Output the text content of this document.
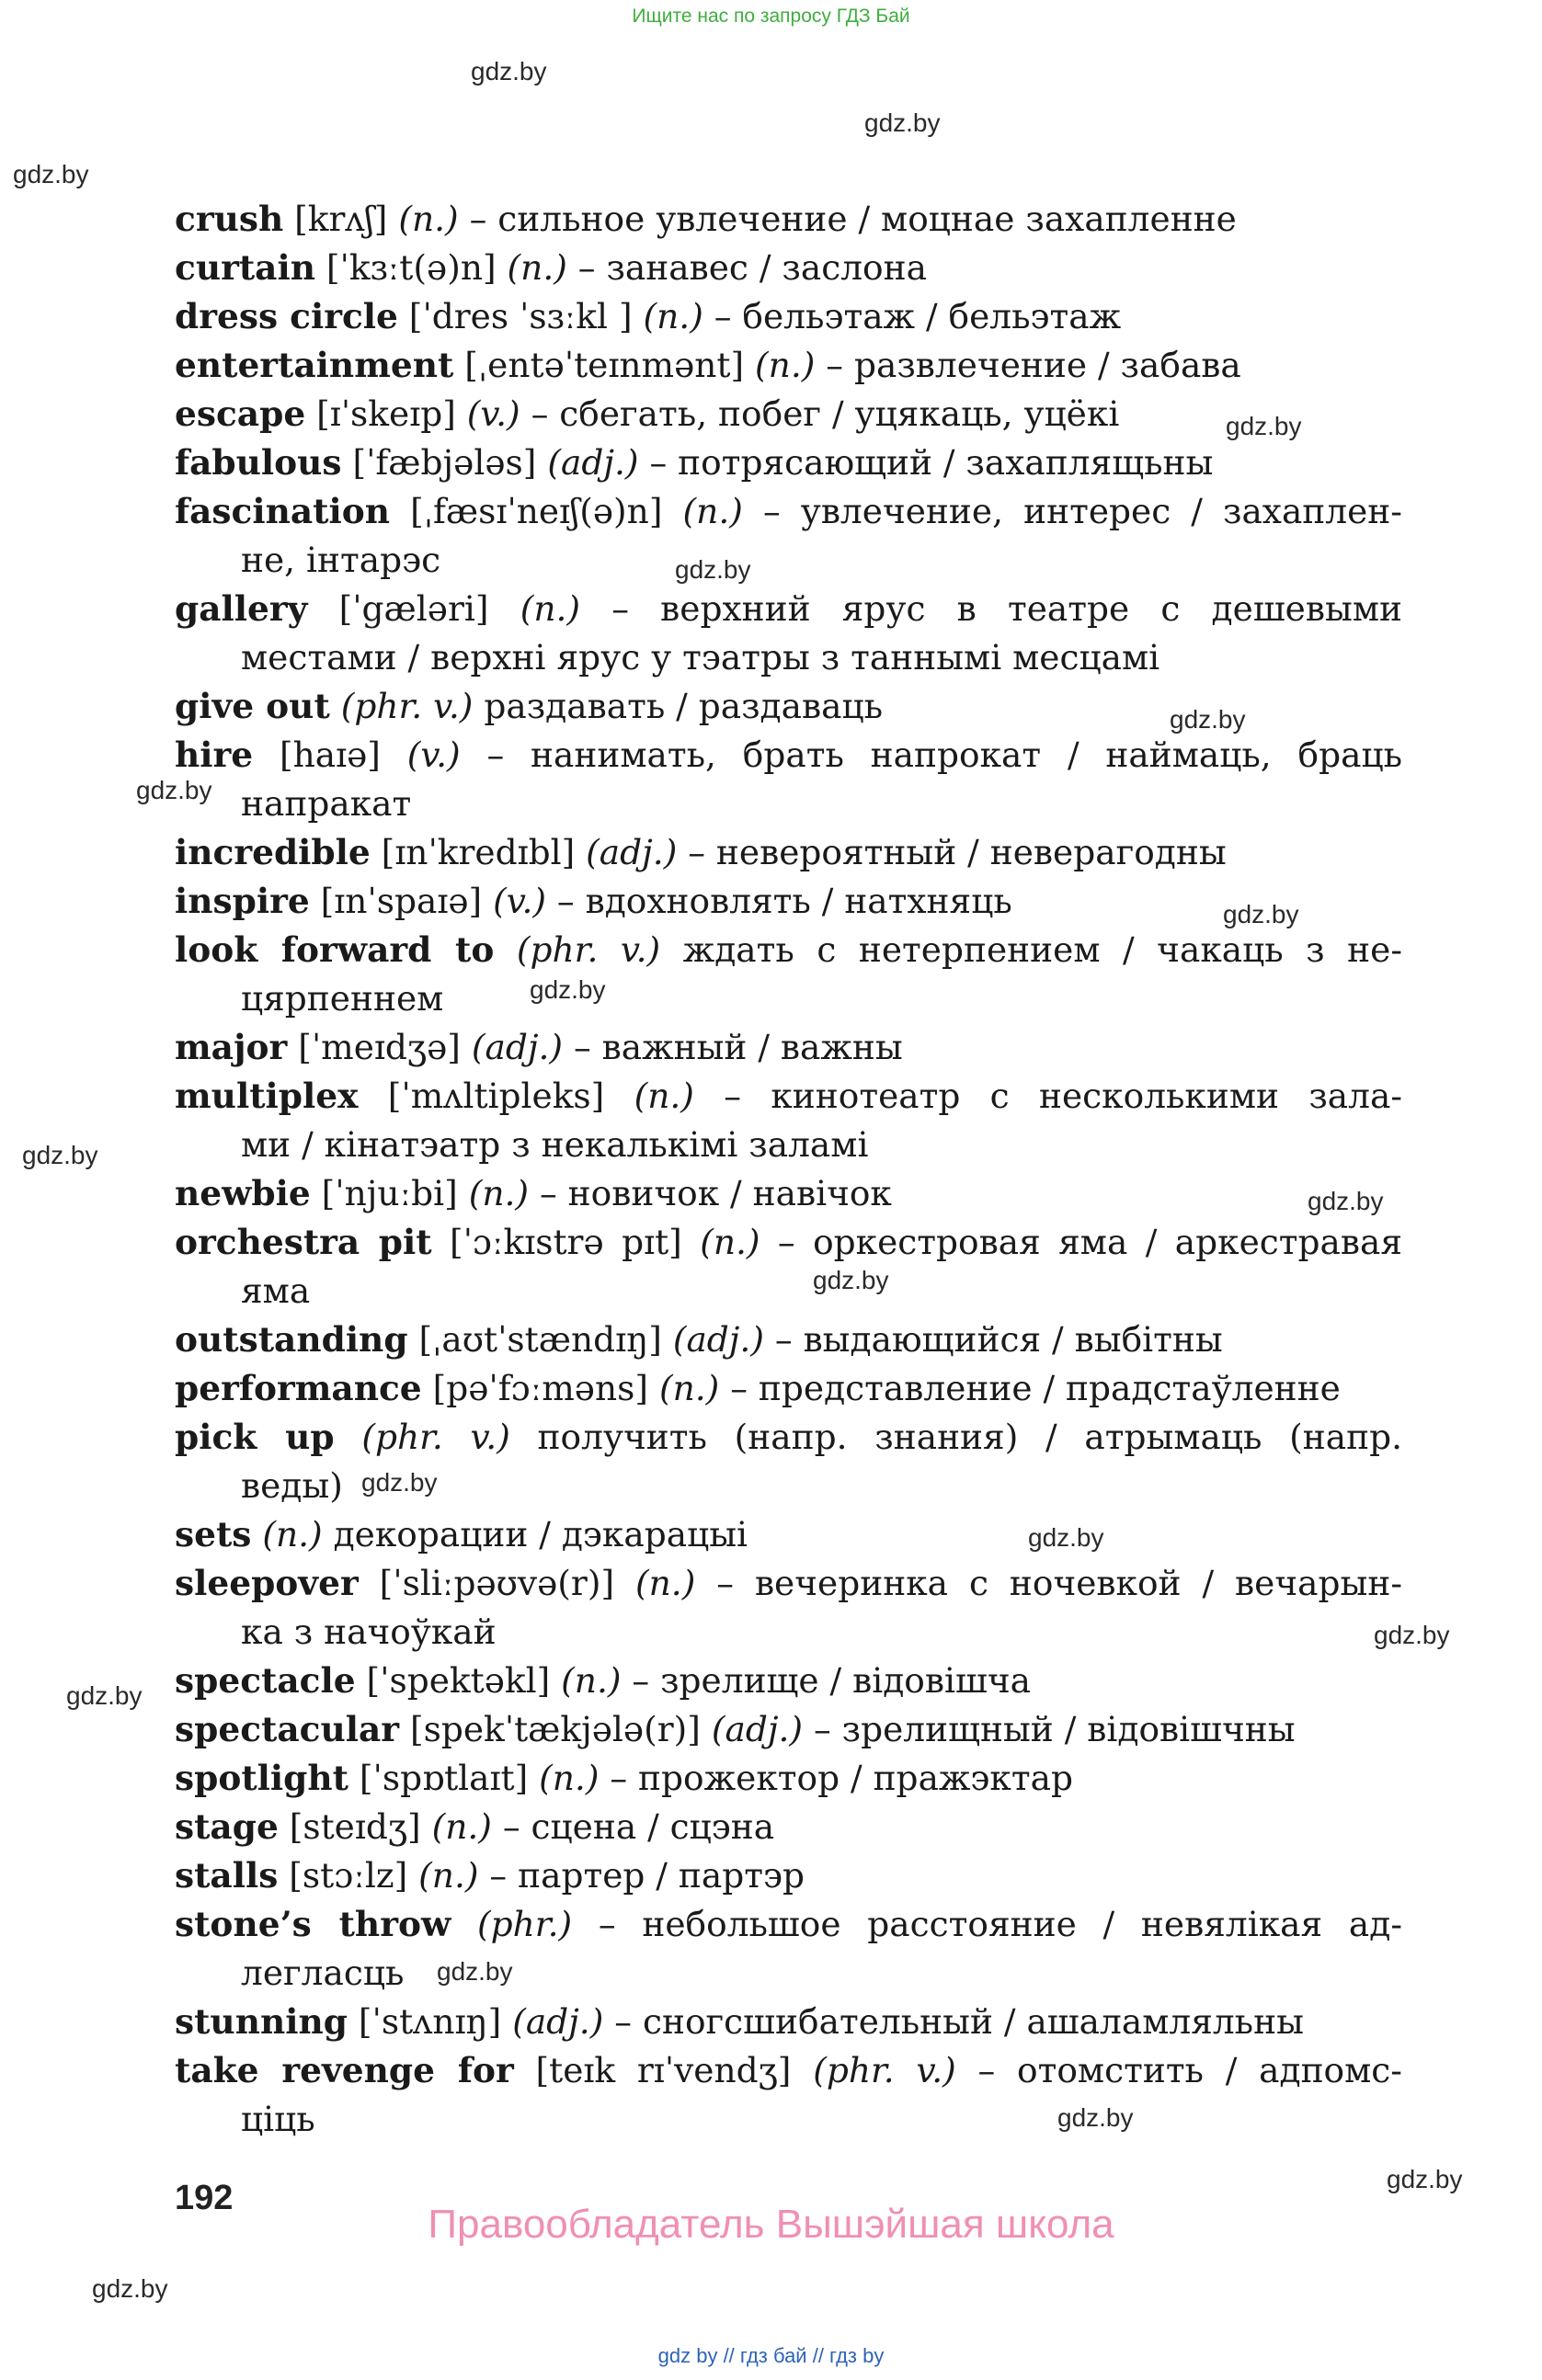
Ищите нас по запросу ГДЗ Бай
gdz.by
gdz.by
gdz.by
gdz.by
gdz.by
gdz.by
gdz.by
gdz.by
gdz.by
gdz.by
gdz.by
gdz.by
gdz.by
gdz.by
gdz.by
gdz.by
gdz.by
gdz.by
gdz.by
gdz.by
crush [krʌʃ] (n.) – сильное увлечение / моцнае захапленне
curtain [ˈkɜːt(ə)n] (n.) – занавес / заслона
dress circle [ˈdres ˈsɜːkl ] (n.) – бельэтаж / бельэтаж
entertainment [ˌentəˈteɪnmənt] (n.) – развлечение / забава
escape [ɪˈskeɪp] (v.) – сбегать, побег / уцякаць, уцёкі
fabulous [ˈfæbjələs] (adj.) – потрясающий / захаплящьны
fascination [ˌfæsɪˈneɪʃ(ə)n] (n.) – увлечение, интерес / захаплен-
не, інтарэс
gallery [ˈgæləri] (n.) – верхний ярус в театре с дешевыми
местами / верхні ярус у тэатры з таннымі месцамі
give out (phr. v.) раздавать / раздаваць
hire [haɪə] (v.) – нанимать, брать напрокат / наймаць, браць
напракат
incredible [ɪnˈkredɪbl] (adj.) – невероятный / неверагодны
inspire [ɪnˈspaɪə] (v.) – вдохновлять / натхняць
look forward to (phr. v.) ждать с нетерпением / чакаць з не-
цярпеннем
major [ˈmeɪdʒə] (adj.) – важный / важны
multiplex [ˈmʌltipleks] (n.) – кинотеатр с несколькими зала-
ми / кінатэатр з некалькімі заламі
newbie [ˈnjuːbi] (n.) – новичок / навічок
orchestra pit [ˈɔːkɪstrə pɪt] (n.) – оркестровая яма / аркестравая
яма
outstanding [ˌaʊtˈstændɪŋ] (adj.) – выдающийся / выбітны
performance [pəˈfɔːməns] (n.) – представление / прадстаўленне
pick up (phr. v.) получить (напр. знания) / атрымаць (напр.
веды)
sets (n.) декорации / дэкарацыі
sleepover [ˈsliːpəʊvə(r)] (n.) – вечеринка с ночевкой / вечарын-
ка з начоўкай
spectacle [ˈspektəkl] (n.) – зрелище / відовішча
spectacular [spekˈtækjələ(r)] (adj.) – зрелищный / відовішчны
spotlight [ˈspɒtlaɪt] (n.) – прожектор / пражэктар
stage [steɪdʒ] (n.) – сцена / сцэна
stalls [stɔːlz] (n.) – партер / партэр
stone’s throw (phr.) – небольшое расстояние / невялікая ад-
легласць
stunning [ˈstʌnɪŋ] (adj.) – сногсшибательный / ашаламляльны
take revenge for [teɪk rɪˈvendʒ] (phr. v.) – отомстить / адпомс-
ціць
192
Правообладатель Вышэйшая школа
gdz by // гдз бай // гдз by
